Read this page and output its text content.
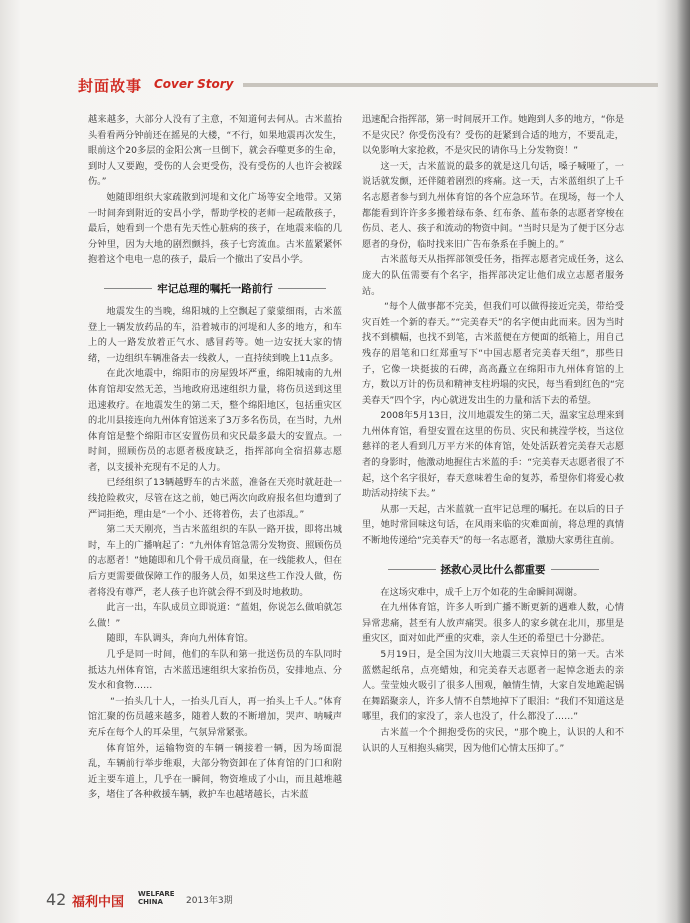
封面故事 Cover Story

越来越多，大部分人没有了主意，不知道何去何从。古米蓝抬头看看两分钟前还在摇晃的大楼，“不行，如果地震再次发生，眼前这个20多层的金阳公寓一旦倒下，就会吞噬更多的生命，到时人又要跑，受伤的人会更受伤，没有受伤的人也许会被踩伤。”

她随即组织大家疏散到河堤和文化广场等安全地带。又第一时间奔到附近的安昌小学，帮助学校的老师一起疏散孩子，最后，她看到一个患有先天性心脏病的孩子，在地震来临的几分钟里，因为大地的剧烈颤抖，孩子七窍流血。古米蓝紧紧怀抱着这个电电一息的孩子，最后一个撤出了安昌小学。

牢记总理的嘱托一路前行

地震发生的当晚，绵阳城的上空飘起了蒙蒙细雨，古米蓝登上一辆发放药品的车，沿着城市的河堤和人多的地方，和车上的人一路发放着正气水、感冒药等。她一边安抚大家的情绪，一边组织车辆准备去一线救人，一直持续到晚上11点多。

在此次地震中，绵阳市的房屋毁坏严重，绵阳城南的九州体育馆却安然无恙，当地政府迅速组织力量，将伤员送到这里迅速救疗。在地震发生的第二天，整个绵阳地区，包括重灾区的北川县接连向九州体育馆送来了3万多名伤员，在当时，九州体育馆是整个绵阳市区安置伤员和灾民最多最大的安置点。一时间，照顾伤员的志愿者极度缺乏，指挥部向全宿招募志愿者，以支援补充现有不足的人力。

已经组织了13辆越野车的古米蓝，准备在天亮时就赶赴一线抢险救灾，尽管在这之前，她已两次向政府报名但均遭到了严词拒绝，理由是“一个小、还将着伤，去了也添乱。”

第二天天刚亮，当古米蓝组织的车队一路开拔，即将出城时，车上的广播响起了：“九州体育馆急需分发物资、照顾伤员的志愿者！”她随即和几个骨干成员商量，在一线能救人，但在后方更需要做保障工作的服务人员，如果这些工作没人做，伤者将没有尊严，老人孩子也许就会得不到及时地救助。

此言一出，车队成员立即说道：“蓝姐，你说怎么做咱就怎么做！”

随即，车队调头，奔向九州体育馆。

几乎是同一时间，他们的车队和第一批送伤员的车队同时抵达九州体育馆，古米蓝迅速组织大家抬伤员，安排地点、分发水和食物……

“一抬头几十人，一抬头几百人，再一抬头上千人。”体育馆汇聚的伤员越来越多，随着人数的不断增加，哭声、呐喊声充斥在每个人的耳朵里，气氛异常紧张。

体育馆外，运输物资的车辆一辆接着一辆，因为场面混乱，车辆前行举步维艰，大部分物资卸在了体育馆的门口和附近主要车道上，几乎在一瞬间，物资堆成了小山，而且越堆越多，堵住了各种救援车辆，救护车也越堵越长，古米蓝

迅速配合指挥部，第一时间展开工作。她跑到人多的地方，“你是不是灾民？你受伤没有？受伤的赶紧到合适的地方，不要乱走，以免影响大家抢救，不是灾民的请你马上分发物资！”

这一天，古米蓝说的最多的就是这几句话，嗓子喊哑了，一说话就发颤，还伴随着剧烈的疼痛。这一天，古米蓝组织了上千名志愿者参与到九州体育馆的各个应急环节。在现场，每一个人都能看到许许多多搬着绿布条、红布条、蓝布条的志愿者穿梭在伤员、老人、孩子和流动的物资中间。“当时只是为了便于区分志愿者的身份，临时找来旧广告布条系在手腕上的。”

古米蓝每天从指挥部领受任务，指挥志愿者完成任务，这么庞大的队伍需要有个名字，指挥部决定让他们成立志愿者服务站。

“每个人做事都不完美，但我们可以做得接近完美，带给受灾百姓一个新的春天。”“完美春天”的名字便由此而来。因为当时找不到横幅，也找不到笔，古米蓝便在方便面的纸箱上，用自己残存的眉笔和口红郑重写下“中国志愿者完美春天组”，那些日子，它像一块挺拔的石碑，高高矗立在绵阳市九州体育馆的上方，数以万计的伤员和精神支柱坍塌的灾民，每当看到红色的“完美春天”四个字，内心就迸发出生的力量和活下去的希望。

2008年5月13日，汶川地震发生的第二天，温家宝总理来到九州体育馆，看望安置在这里的伤员、灾民和挑滢学校，当这位慈祥的老人看到几万平方米的体育馆，处处活跃着完美春天志愿者的身影时，他激动地握住古米蓝的手：“完美春天志愿者很了不起，这个名字很好，春天意味着生命的复苏，希望你们将爱心救助活动持续下去。”

从那一天起，古米蓝就一直牢记总理的嘱托。在以后的日子里，她时常回味这句话，在风雨来临的灾难面前，将总理的真情不断地传递给“完美春天”的每一名志愿者，激励大家勇往直前。

拯救心灵比什么都重要

在这场灾难中，成千上万个如花的生命瞬间凋谢。

在九州体育馆，许多人听到广播不断更新的遇难人数，心情异常悲痛，甚至有人放声痛哭。很多人的家乡就在北川，那里是重灾区，面对如此严重的灾难，亲人生还的希望已十分渺茫。

5月19日，是全国为汶川大地震三天哀悼日的第一天。古米蓝燃起纸帛，点亮蜡烛，和完美春天志愿者一起悼念逝去的亲人。莹莹烛火吸引了很多人围观，触情生情，大家自发地跪起锅在舞蹈聚亲人，许多人情不自禁地掉下了眼泪：“我们不知道这是哪里，我们的家没了，亲人也没了，什么都没了……”

古米蓝一个个拥抱受伤的灾民，“那个晚上，认识的人和不认识的人互相抱头痛哭，因为他们心情太压抑了。”

42 福利中国
WELFARE
CHINA	2013年3期
